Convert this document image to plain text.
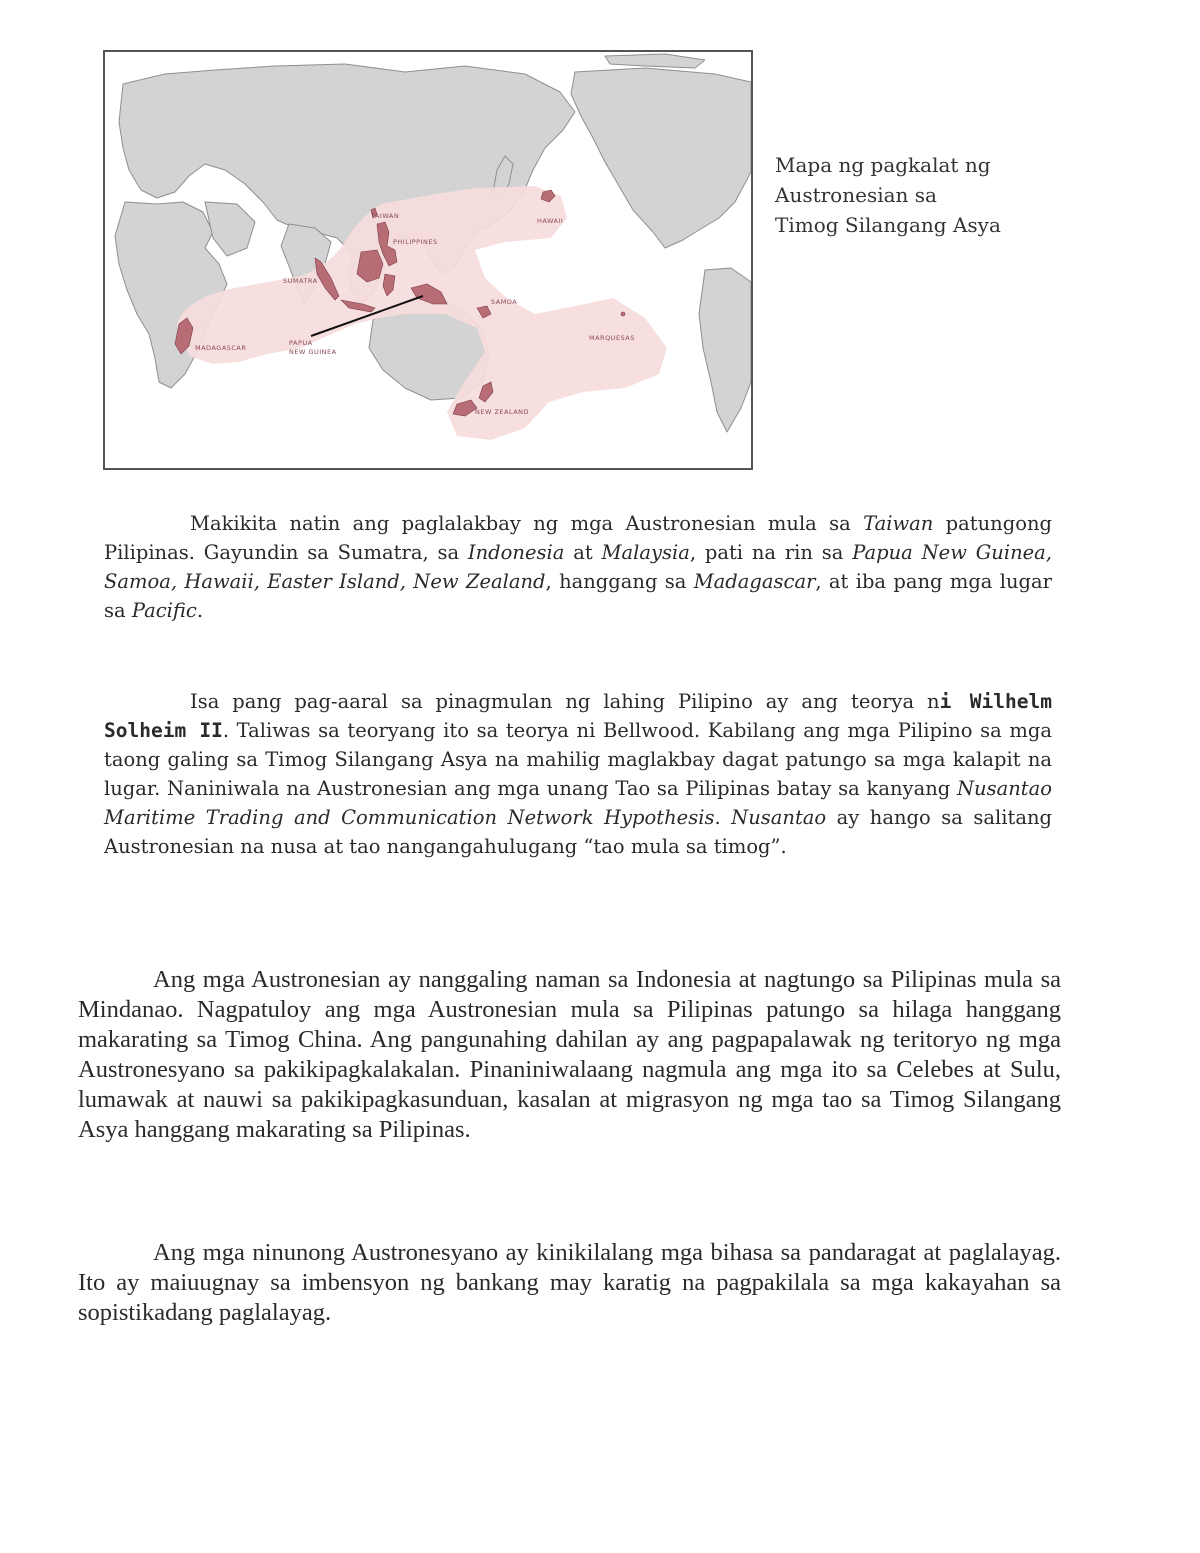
TAIWAN
HAWAII
PHILIPPINES
SUMATRA
SAMOA
MARQUESAS
MADAGASCAR
PAPUA
NEW GUINEA
NEW ZEALAND
Mapa ng pagkalat ng
Austronesian sa
Timog Silangang Asya

Makikita natin ang paglalakbay ng mga Austronesian mula sa Taiwan patungong Pilipinas. Gayundin sa Sumatra, sa Indonesia at Malaysia, pati na rin sa Papua New Guinea, Samoa, Hawaii, Easter Island, New Zealand, hanggang sa Madagascar, at iba pang mga lugar sa Pacific.

Isa pang pag-aaral sa pinagmulan ng lahing Pilipino ay ang teorya ni Wilhelm Solheim II. Taliwas sa teoryang ito sa teorya ni Bellwood. Kabilang ang mga Pilipino sa mga taong galing sa Timog Silangang Asya na mahilig maglakbay dagat patungo sa mga kalapit na lugar. Naniniwala na Austronesian ang mga unang Tao sa Pilipinas batay sa kanyang Nusantao Maritime Trading and Communication Network Hypothesis. Nusantao ay hango sa salitang Austronesian na nusa at tao nangangahulugang “tao mula sa timog”.

Ang mga Austronesian ay nanggaling naman sa Indonesia at nagtungo sa Pilipinas mula sa Mindanao. Nagpatuloy ang mga Austronesian mula sa Pilipinas patungo sa hilaga hanggang makarating sa Timog China. Ang pangunahing dahilan ay ang pagpapalawak ng teritoryo ng mga Austronesyano sa pakikipagkalakalan. Pinaniniwalaang nagmula ang mga ito sa Celebes at Sulu, lumawak at nauwi sa pakikipagkasunduan, kasalan at migrasyon ng mga tao sa Timog Silangang Asya hanggang makarating sa Pilipinas.

Ang mga ninunong Austronesyano ay kinikilalang mga bihasa sa pandaragat at paglalayag. Ito ay maiuugnay sa imbensyon ng bankang may karatig na pagpakilala sa mga kakayahan sa sopistikadang paglalayag.
